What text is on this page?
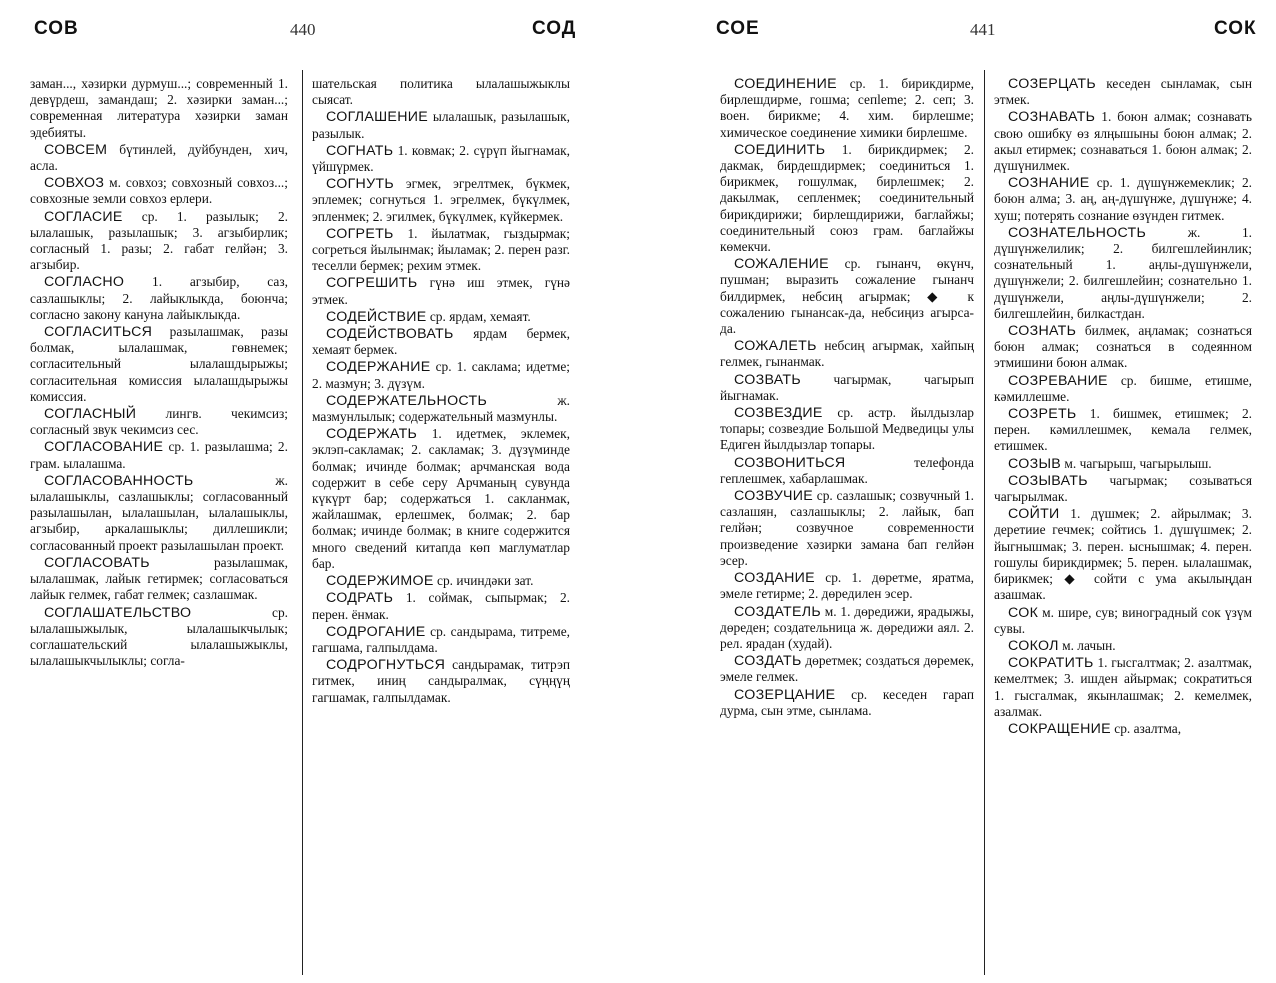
СОВ	440	СОД

заман..., хәзирки дурмуш...; современный 1. девүрдеш, замандаш; 2. хәзирки заман...; современная литература хәзирки заман эдебияты.

СОВСЕМ бүтинлей, дуйбунден, хич, асла.

СОВХОЗ м. совхоз; совхозный совхоз...; совхозные земли совхоз ерлери.

СОГЛАСИЕ ср. 1. разылык; 2. ылалашык, разылашык; 3. агзыбирлик; согласный 1. разы; 2. габат гелйән; 3. агзыбир.

СОГЛАСНО 1. агзыбир, саз, сазлашыклы; 2. лайыклыкда, боюнча; согласно закону канунa лайыклыкда.

СОГЛАСИТЬСЯ разылашмак, разы болмак, ылалашмак, гөвнемек; согласительный ылалашдырыжы; согласительная комиссия ылалашдырыжы комиссия.

СОГЛАСНЫЙ лингв. чекимсиз; согласный звук чекимсиз сес.

СОГЛАСОВАНИЕ ср. 1. разылашма; 2. грам. ылалашма.

СОГЛАСОВАННОСТЬ	ж. ылалашыклы, сазлашыклы; согласованный разылашылан, ылалашылан, ылалашыклы, агзыбир, аркалашыклы; диллешикли; согласованный проект разылашылан проект.

СОГЛАСОВАТЬ	разылашмак, ылалашмак, лайык гетирмек; согласоваться лайык гелмек, габат гелмек; сазлашмак.

СОГЛАШАТЕЛЬСТВО	ср. ылалашыжылык, ылалашыкчылык; соглашательский ылалашыжыклы, ылалашыкчылыклы; согла-

шательская политика ылалашыжыклы сыясат.

СОГЛАШЕНИЕ ылалашык, разылашык, разылык.

СОГНАТЬ 1. ковмак; 2. сүрүп йыгнамак, үйшүрмек.

СОГНУТЬ эгмек, эгрелтмек, бүкмек, эплемек; согнуться 1. эгрелмек, бүкүлмек, эпленмек; 2. эгилмек, бүкүлмек, күйкермек.

СОГРЕТЬ 1. йылатмак, гыздырмак; согреться йылынмак; йыламак; 2. перен разг. теселли бермек; рехим этмек.

СОГРЕШИТЬ гүнә иш этмек, гүнә этмек.

СОДЕЙСТВИЕ ср. ярдам, хемаят.

СОДЕЙСТВОВАТЬ ярдам бермек, хемаят бермек.

СОДЕРЖАНИЕ ср. 1. сакламa; идетме; 2. мазмун; 3. дүзүм.

СОДЕРЖАТЕЛЬНОСТЬ	ж. мазмунлылык; содержательный мазмунлы.

СОДЕРЖАТЬ 1. идетмек, эклемек, эклэп-сакламак; 2. сакламак; 3. дүзүминде болмак; ичинде болмак; арчманская вода содержит в себе серу Арчманың сувунда күкүрт бар; содержаться 1. сакланмак, жайлашмак, ерлешмек, болмак; 2. бар болмак; ичинде болмак; в книге содержится много сведений китапда көп маглуматлар бар.

СОДЕРЖИМОЕ ср. ичиндәки зат.

СОДРАТЬ 1. соймак, сыпырмак; 2. перен. ёнмак.

СОДРОГАНИЕ ср. сандырама, титреме, гагшама, галпылдама.

СОДРОГНУТЬСЯ сандырамак, титрэп гитмек, иниң сандыралмак, сүңңүң гагшамак, галпылдамак.

СОЕ	441	СОК

СОЕДИНЕНИЕ ср. 1. бирикдирме, бирлешдирме, гошма; сепleme; 2. сеп; 3. воен. бирикме; 4. хим. бирлешме; химическое соединение химики бирлешме.

СОЕДИНИТЬ 1. бирикдирмек; 2. дакмак, бирдешдирмек; соединиться 1. бирикмек, гошулмак, бирлешмек; 2. дакылмак, сепленмек; соединительный бирикдирижи; бирлешдирижи, баглайжы; соединительный союз грам. баглайжы көмекчи.

СОЖАЛЕНИЕ ср. гынанч, өкүнч, пушман; выразить сожаление гынанч билдирмек, небсиң агырмак; ◆ к сожалению гынансак-да, небсиңиз агырса-да.

СОЖАЛЕТЬ небсиң агырмак, хайпың гелмек, гынанмак.

СОЗВАТЬ чагырмак, чагырып йыгнамак.

СОЗВЕЗДИЕ ср. астр. йылдызлар топары; созвездие Большой Медведицы улы Едиген йылдызлар топары.

СОЗВОНИТЬСЯ	телефонда геплешмек, хабарлашмак.

СОЗВУЧИЕ ср. сазлашык; созвучный 1. сазлашян, сазлашыклы; 2. лайык, бап гелйән; созвучное современности произведение хәзирки замана бап гелйән эсер.

СОЗДАНИЕ ср. 1. дөретме, яратма, эмеле гетирме; 2. дөредилен эсер.

СОЗДАТЕЛЬ м. 1. дөредижи, ярадыжы, дөреден; создательница ж. дөредижи аял. 2. рел. ярадан (худай).

СОЗДАТЬ дөретмек; создаться дөремек, эмеле гелмек.

СОЗЕРЦАНИЕ ср. кеседен гарап дурма, сын этме, сынлама.

СОЗЕРЦАТЬ кеседен сынламак, сын этмек.

СОЗНАВАТЬ 1. боюн алмак; сознавать свою ошибку өз ялңышыны боюн алмак; 2. акыл етирмек; сознаваться 1. боюн алмак; 2. дүшүнилмек.

СОЗНАНИЕ ср. 1. дүшүнжемеклик; 2. боюн алма; 3. аң, аң-дүшүнже, дүшүнже; 4. хуш; потерять сознание өзүнден гитмек.

СОЗНАТЕЛЬНОСТЬ	ж. 1. дүшүнжелилик; 2. билгешлейинлик; сознательный 1. аңлы-дүшүнжели, дүшүнжели; 2. билгешлейин; сознательно 1. дүшүнжели, аңлы-дүшүнжели; 2. билгешлейин, билкастдан.

СОЗНАТЬ билмек, аңламак; сознаться боюн алмак; сознаться в содеянном этмишини боюн алмак.

СОЗРЕВАНИЕ ср. бишме, етишме, кәмиллешме.

СОЗРЕТЬ 1. бишмек, етишмек; 2. перен. кәмиллешмек, кемала гелмек, етишмек.

СОЗЫВ м. чагырыш, чагырылыш.

СОЗЫВАТЬ чагырмак; созываться чагырылмак.

СОЙТИ 1. дүшмек; 2. айрылмак; 3. деретиие гечмек; сойтись 1. дүшүшмек; 2. йыгнышмак; 3. перен. ыснышмак; 4. перен. гошулы бирикдирмек; 5. перен. ылалашмак, бирикмек; ◆ сойти с ума акылыңдан азашмак.

СОК м. шире, сув; виноградный сок үзүм сувы.

СОКОЛ м. лачын.

СОКРАТИТЬ 1. гысгалтмак; 2. азалтмак, кемелтмек; 3. ишден айырмак; сократиться 1. гысгалмак, якынлашмак; 2. кемелмек, азалмак.

СОКРАЩЕНИЕ ср. азалтма,
